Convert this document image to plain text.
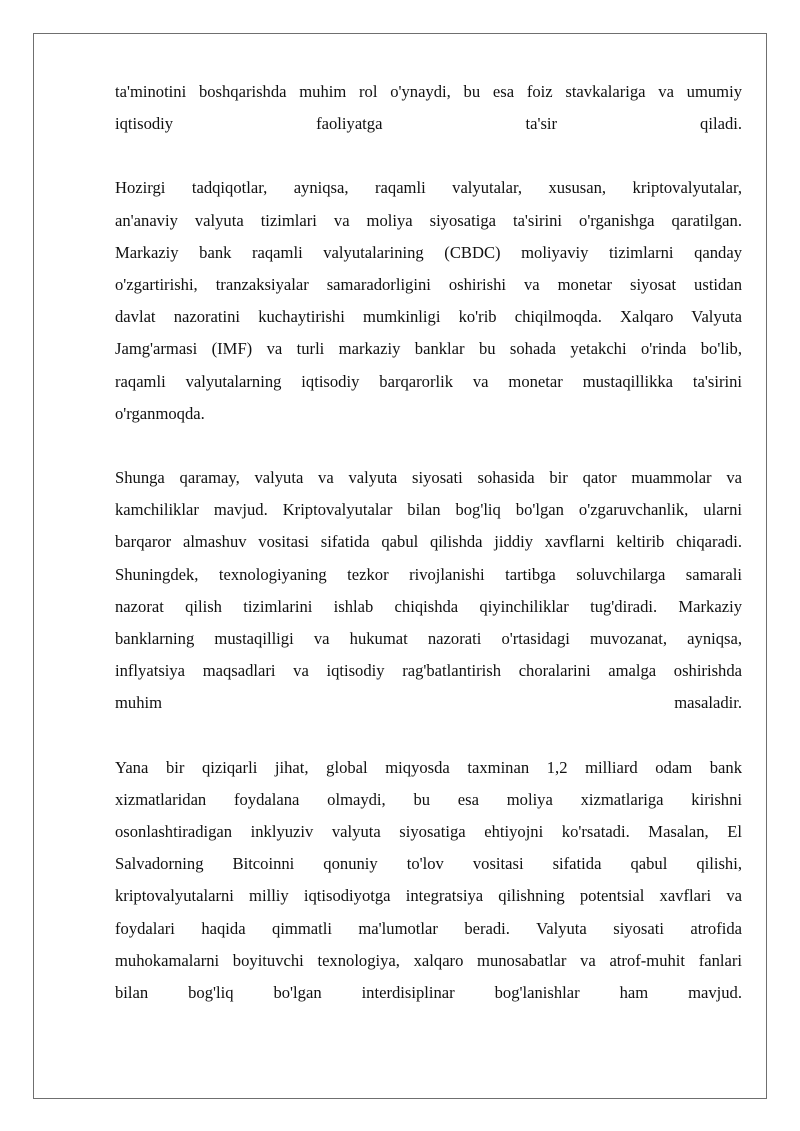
ta'minotini boshqarishda muhim rol o'ynaydi, bu esa foiz stavkalariga va umumiy
iqtisodiy faoliyatga ta'sir qiladi.
Hozirgi tadqiqotlar, ayniqsa, raqamli valyutalar, xususan, kriptovalyutalar,
an'anaviy valyuta tizimlari va moliya siyosatiga ta'sirini o'rganishga qaratilgan.
Markaziy bank raqamli valyutalarining (CBDC) moliyaviy tizimlarni qanday
o'zgartirishi, tranzaksiyalar samaradorligini oshirishi va monetar siyosat ustidan
davlat nazoratini kuchaytirishi mumkinligi ko'rib chiqilmoqda. Xalqaro Valyuta
Jamg'armasi (IMF) va turli markaziy banklar bu sohada yetakchi o'rinda bo'lib,
raqamli valyutalarning iqtisodiy barqarorlik va monetar mustaqillikka ta'sirini
o'rganmoqda.
Shunga qaramay, valyuta va valyuta siyosati sohasida bir qator muammolar va
kamchiliklar mavjud. Kriptovalyutalar bilan bog'liq bo'lgan o'zgaruvchanlik, ularni
barqaror almashuv vositasi sifatida qabul qilishda jiddiy xavflarni keltirib chiqaradi.
Shuningdek, texnologiyaning tezkor rivojlanishi tartibga soluvchilarga samarali
nazorat qilish tizimlarini ishlab chiqishda qiyinchiliklar tug'diradi. Markaziy
banklarning mustaqilligi va hukumat nazorati o'rtasidagi muvozanat, ayniqsa,
inflyatsiya maqsadlari va iqtisodiy rag'batlantirish choralarini amalga oshirishda
muhim masaladir.
Yana bir qiziqarli jihat, global miqyosda taxminan 1,2 milliard odam bank
xizmatlaridan foydalana olmaydi, bu esa moliya xizmatlariga kirishni
osonlashtiradigan inklyuziv valyuta siyosatiga ehtiyojni ko'rsatadi. Masalan, El
Salvadorning Bitcoinni qonuniy to'lov vositasi sifatida qabul qilishi,
kriptovalyutalarni milliy iqtisodiyotga integratsiya qilishning potentsial xavflari va
foydalari haqida qimmatli ma'lumotlar beradi. Valyuta siyosati atrofida
muhokamalarni boyituvchi texnologiya, xalqaro munosabatlar va atrof-muhit fanlari
bilan bog'liq bo'lgan interdisiplinar bog'lanishlar ham mavjud.
